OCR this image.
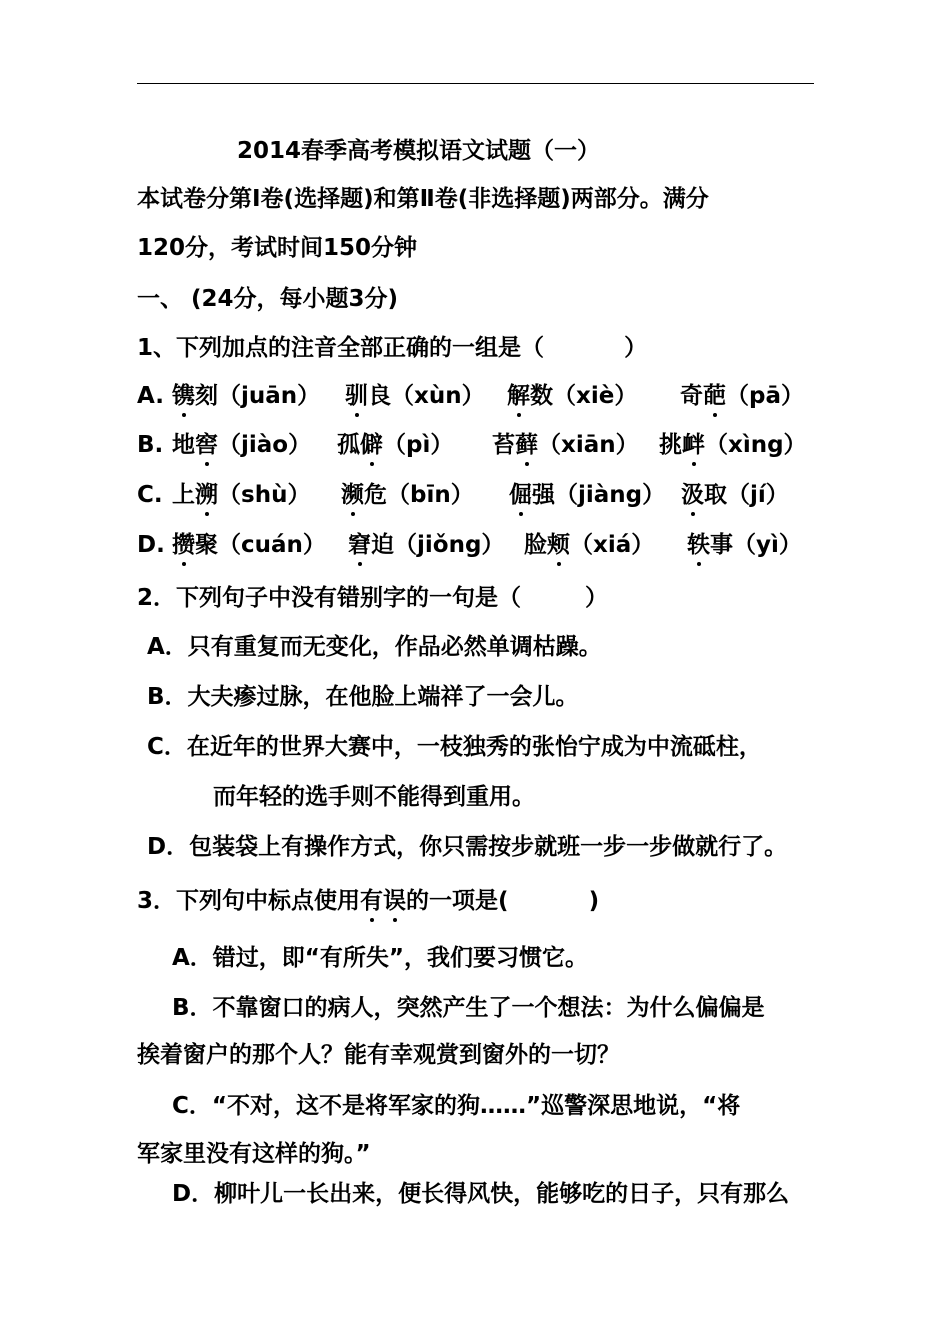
2014春季高考模拟语文试题（一）
本试卷分第Ⅰ卷(选择题)和第Ⅱ卷(非选择题)两部分。满分
120分，考试时间150分钟
一、 (24分，每小题3分)
1、下列加点的注音全部正确的一组是（          ）
A. 镌刻（juān） 驯良（xùn） 解数（xiè） 奇葩（pā）
B. 地窖（jiào） 孤僻（pì） 苔藓（xiān） 挑衅（xìng）
C. 上溯（shù） 濒危（bīn） 倔强（jiàng） 汲取（jí）
D. 攒聚（cuán） 窘迫（jiǒng） 脸颊（xiá） 轶事（yì）
2．下列句子中没有错别字的一句是（        ）
A．只有重复而无变化，作品必然单调枯躁。
B．大夫瘆过脉，在他脸上端祥了一会儿。
C．在近年的世界大赛中，一枝独秀的张怡宁成为中流砥柱，
而年轻的选手则不能得到重用。
D．包装袋上有操作方式，你只需按步就班一步一步做就行了。
3．下列句中标点使用有误的一项是(          )
A．错过，即“有所失”，我们要习惯它。
B．不靠窗口的病人，突然产生了一个想法：为什么偏偏是
挨着窗户的那个人？能有幸观赏到窗外的一切？
C．“不对，这不是将军家的狗……”巡警深思地说，“将
军家里没有这样的狗。”
D．柳叶儿一长出来，便长得风快，能够吃的日子，只有那么
